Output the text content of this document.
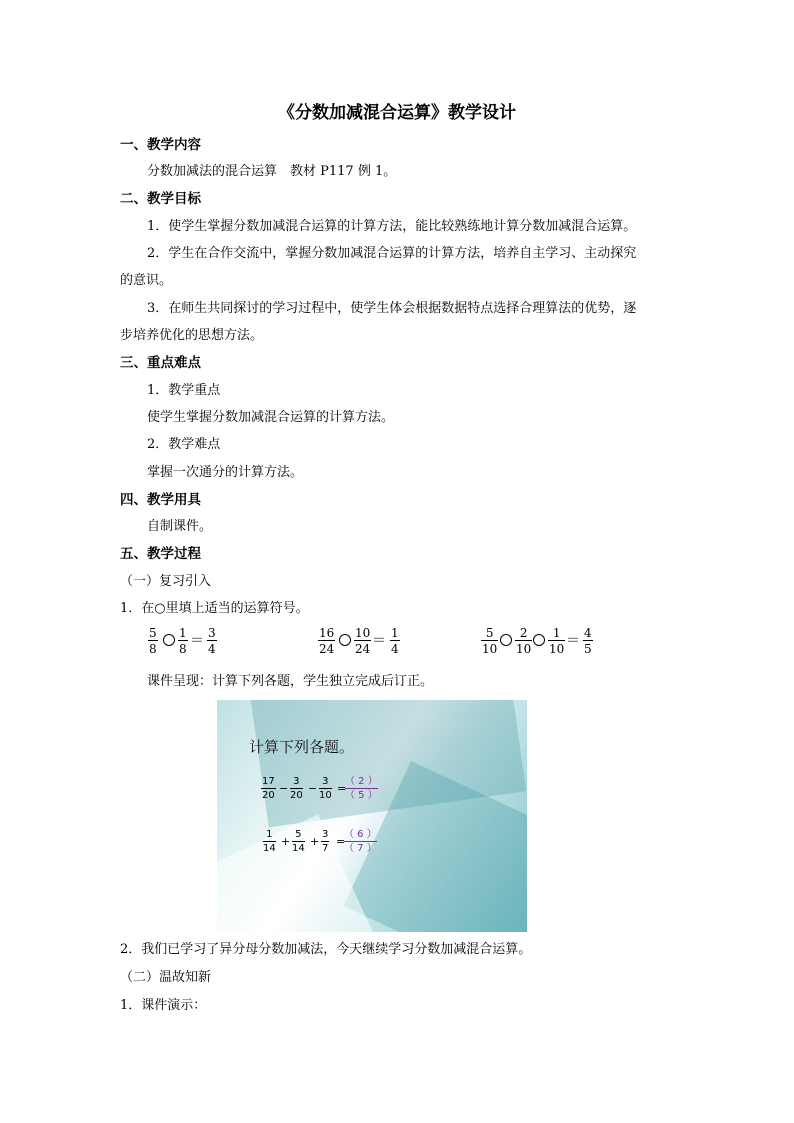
《分数加减混合运算》教学设计
一、教学内容
分数加减法的混合运算　教材 P117 例 1。
二、教学目标
1．使学生掌握分数加减混合运算的计算方法，能比较熟练地计算分数加减混合运算。
2．学生在合作交流中，掌握分数加减混合运算的计算方法，培养自主学习、主动探究
的意识。
3．在师生共同探讨的学习过程中，使学生体会根据数据特点选择合理算法的优势，逐
步培养优化的思想方法。
三、重点难点
1．教学重点
使学生掌握分数加减混合运算的计算方法。
2．教学难点
掌握一次通分的计算方法。
四、教学用具
自制课件。
五、教学过程
（一）复习引入
1．在○里填上适当的运算符号。
$\frac{5}{8} \frac{1}{8} = \frac{3}{4}$	$\frac{16}{24} \frac{10}{24} = \frac{1}{4}$	$\frac{5}{10} \frac{2}{10} \frac{1}{10} = \frac{4}{5}$
课件呈现：计算下列各题，学生独立完成后订正。
计算下列各题。
$\frac{17}{20} - \frac{3}{20} - \frac{3}{10}$ =
$\frac{( 2 )}{( 5 )}$
$\frac{1}{14} + \frac{5}{14} + \frac{3}{7}$ =
$\frac{( 6 )}{( 7 )}$
2．我们已学习了异分母分数加减法，今天继续学习分数加减混合运算。
（二）温故知新
1．课件演示：
